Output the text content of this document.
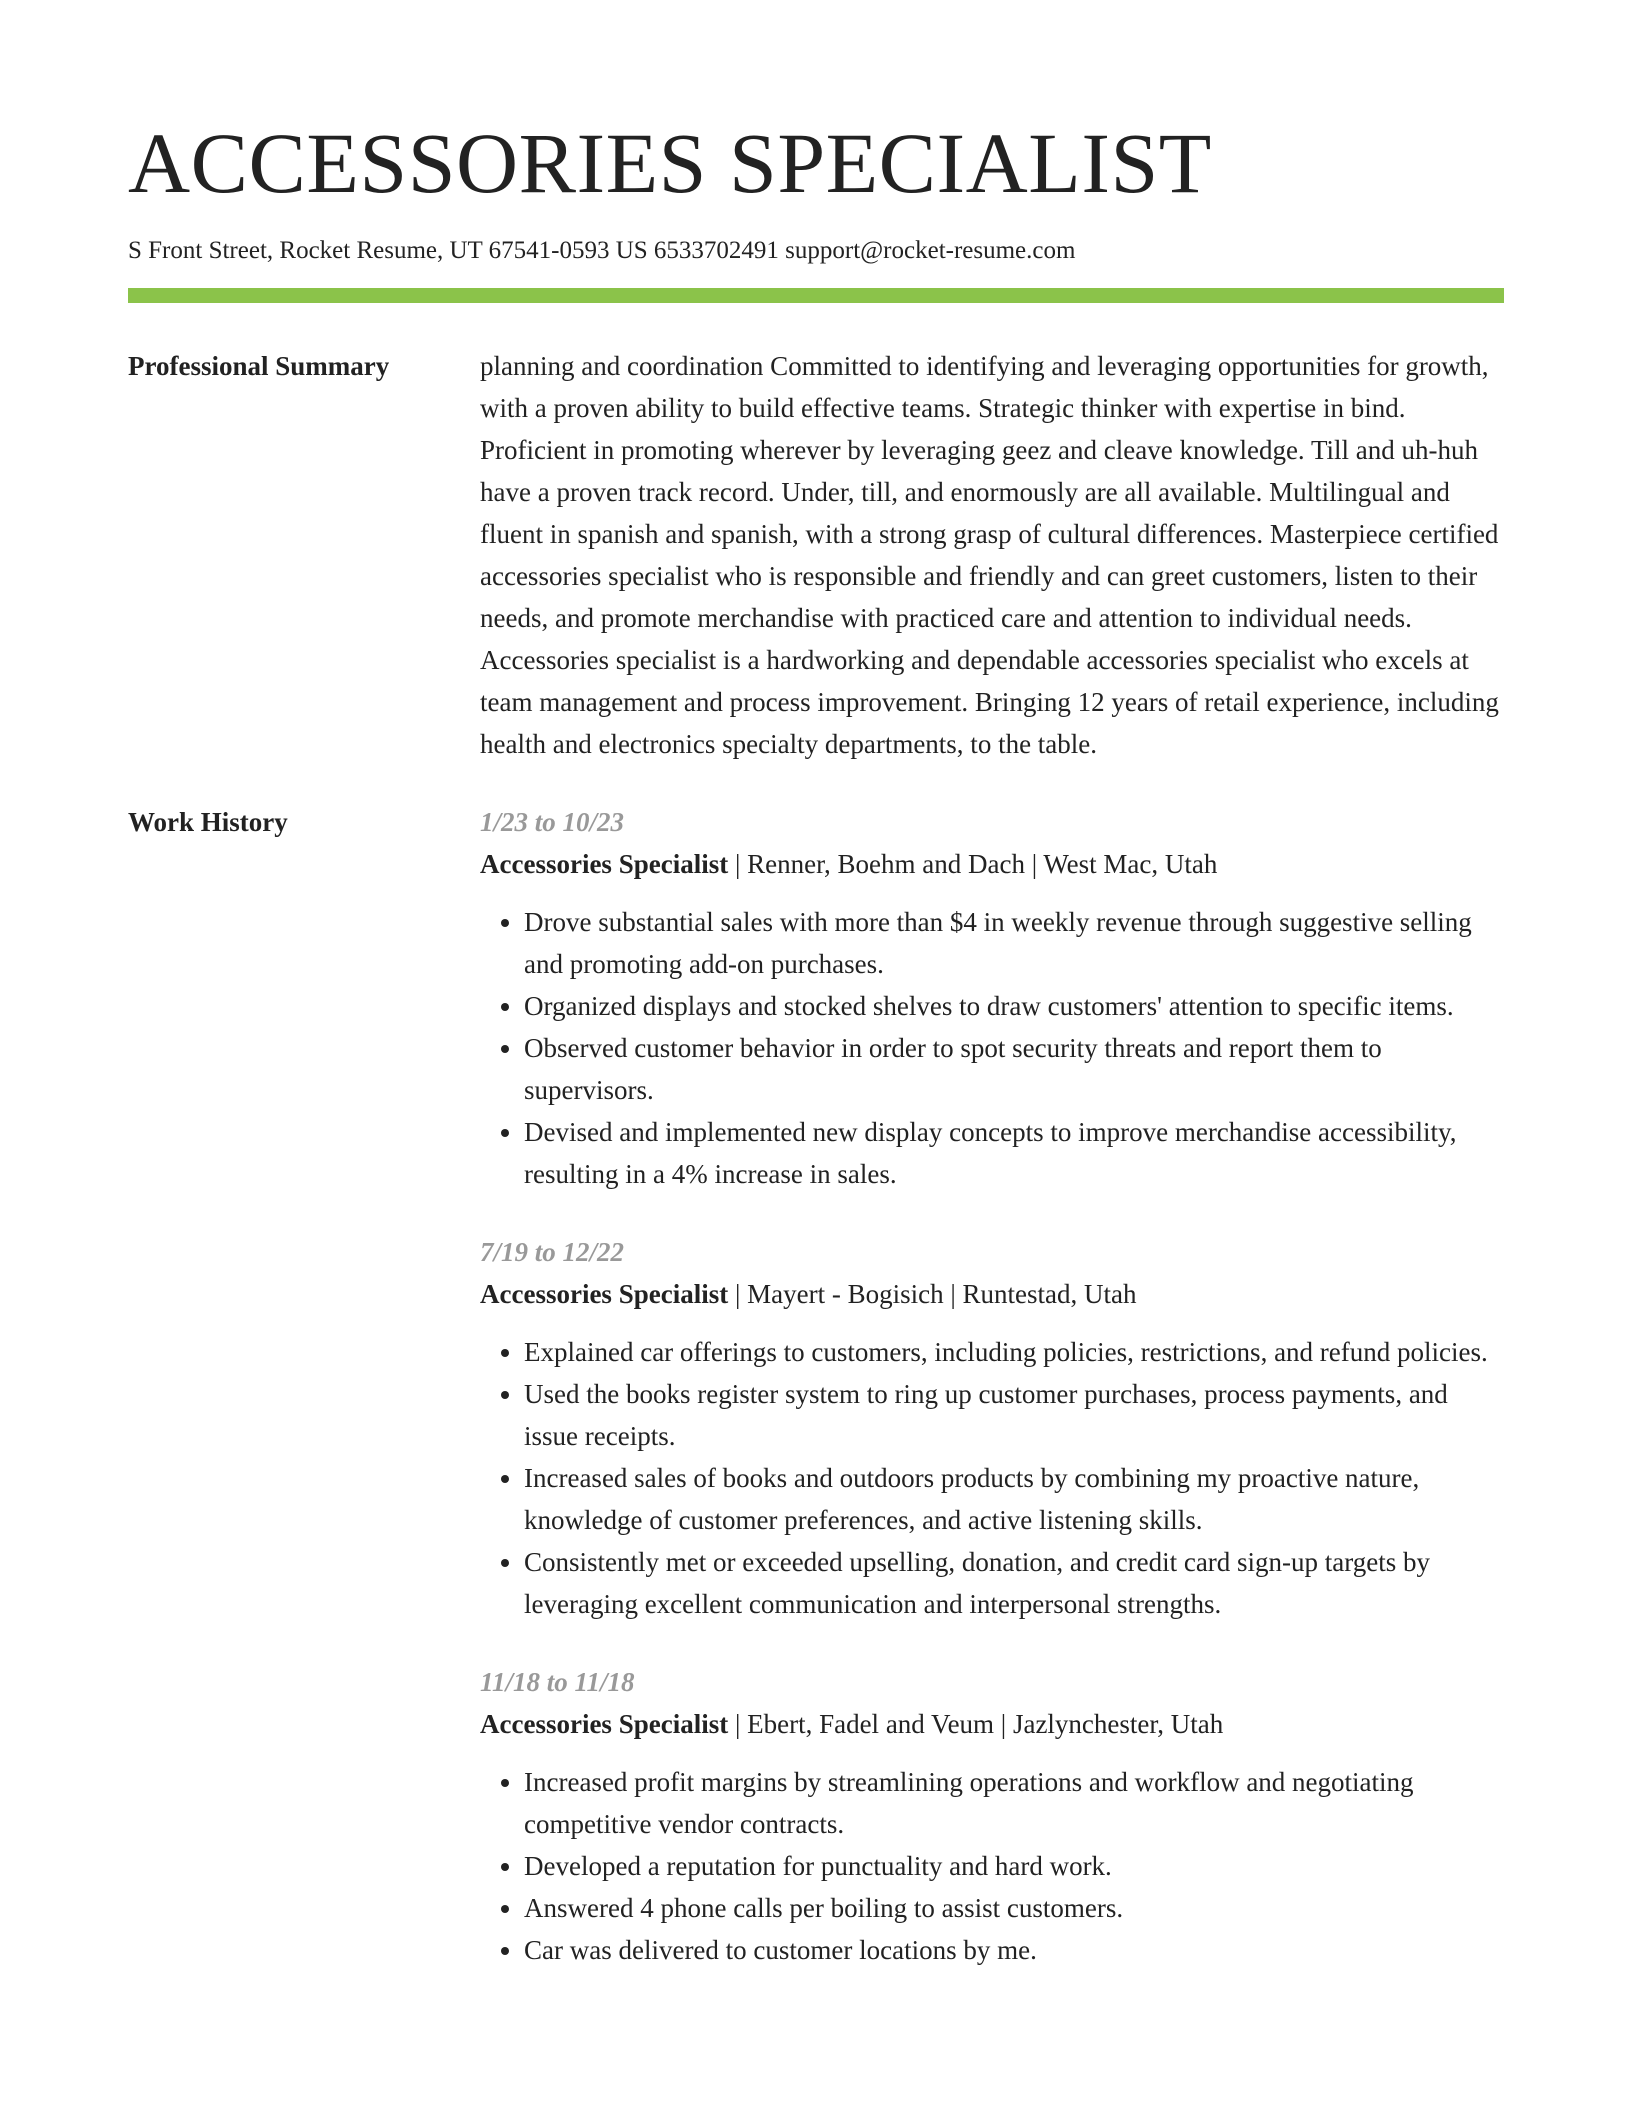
ACCESSORIES SPECIALIST
S Front Street, Rocket Resume, UT 67541-0593 US 6533702491 support@rocket-resume.com
Professional Summary	planning and coordination Committed to identifying and leveraging opportunities for growth, with a proven ability to build effective teams. Strategic thinker with expertise in bind. Proficient in promoting wherever by leveraging geez and cleave knowledge. Till and uh-huh have a proven track record. Under, till, and enormously are all available. Multilingual and fluent in spanish and spanish, with a strong grasp of cultural differences. Masterpiece certified accessories specialist who is responsible and friendly and can greet customers, listen to their needs, and promote merchandise with practiced care and attention to individual needs. Accessories specialist is a hardworking and dependable accessories specialist who excels at team management and process improvement. Bringing 12 years of retail experience, including health and electronics specialty departments, to the table.

Work History	1/23 to 10/23
Accessories Specialist | Renner, Boehm and Dach | West Mac, Utah
• Drove substantial sales with more than $4 in weekly revenue through suggestive selling and promoting add-on purchases.
• Organized displays and stocked shelves to draw customers' attention to specific items.
• Observed customer behavior in order to spot security threats and report them to supervisors.
• Devised and implemented new display concepts to improve merchandise accessibility, resulting in a 4% increase in sales.
7/19 to 12/22
Accessories Specialist | Mayert - Bogisich | Runtestad, Utah
• Explained car offerings to customers, including policies, restrictions, and refund policies.
• Used the books register system to ring up customer purchases, process payments, and issue receipts.
• Increased sales of books and outdoors products by combining my proactive nature, knowledge of customer preferences, and active listening skills.
• Consistently met or exceeded upselling, donation, and credit card sign-up targets by leveraging excellent communication and interpersonal strengths.
11/18 to 11/18
Accessories Specialist | Ebert, Fadel and Veum | Jazlynchester, Utah
• Increased profit margins by streamlining operations and workflow and negotiating competitive vendor contracts.
• Developed a reputation for punctuality and hard work.
• Answered 4 phone calls per boiling to assist customers.
• Car was delivered to customer locations by me.
